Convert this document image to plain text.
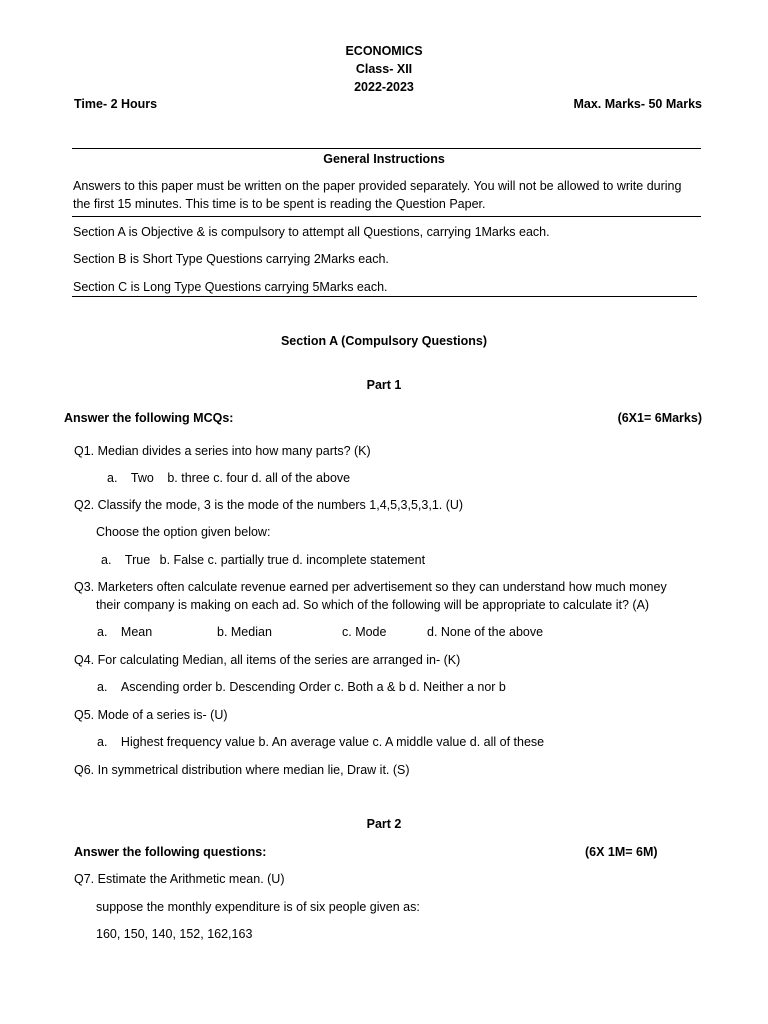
ECONOMICS
Class- XII
2022-2023
Time- 2 Hours	Max. Marks- 50 Marks
General Instructions
Answers to this paper must be written on the paper provided separately. You will not be allowed to write during
the first 15 minutes. This time is to be spent is reading the Question Paper.
Section A is Objective & is compulsory to attempt all Questions, carrying 1Marks each.
Section B is Short Type Questions carrying 2Marks each.
Section C is Long Type Questions carrying 5Marks each.
Section A (Compulsory Questions)
Part 1
Answer the following MCQs:	(6X1= 6Marks)
Q1. Median divides a series into how many parts? (K)
a. Two b. three c. four d. all of the above
Q2. Classify the mode, 3 is the mode of the numbers 1,4,5,3,5,3,1. (U)
Choose the option given below:
a. True b. False c. partially true d. incomplete statement
Q3. Marketers often calculate revenue earned per advertisement so they can understand how much money
their company is making on each ad. So which of the following will be appropriate to calculate it? (A)
a. Mean	b. Median	c. Mode	d. None of the above
Q4. For calculating Median, all items of the series are arranged in- (K)
a. Ascending order b. Descending Order c. Both a & b d. Neither a nor b
Q5. Mode of a series is- (U)
a. Highest frequency value b. An average value c. A middle value d. all of these
Q6. In symmetrical distribution where median lie, Draw it. (S)
Part 2
Answer the following questions:	(6X 1M= 6M)
Q7. Estimate the Arithmetic mean. (U)
suppose the monthly expenditure is of six people given as:
160, 150, 140, 152, 162,163
